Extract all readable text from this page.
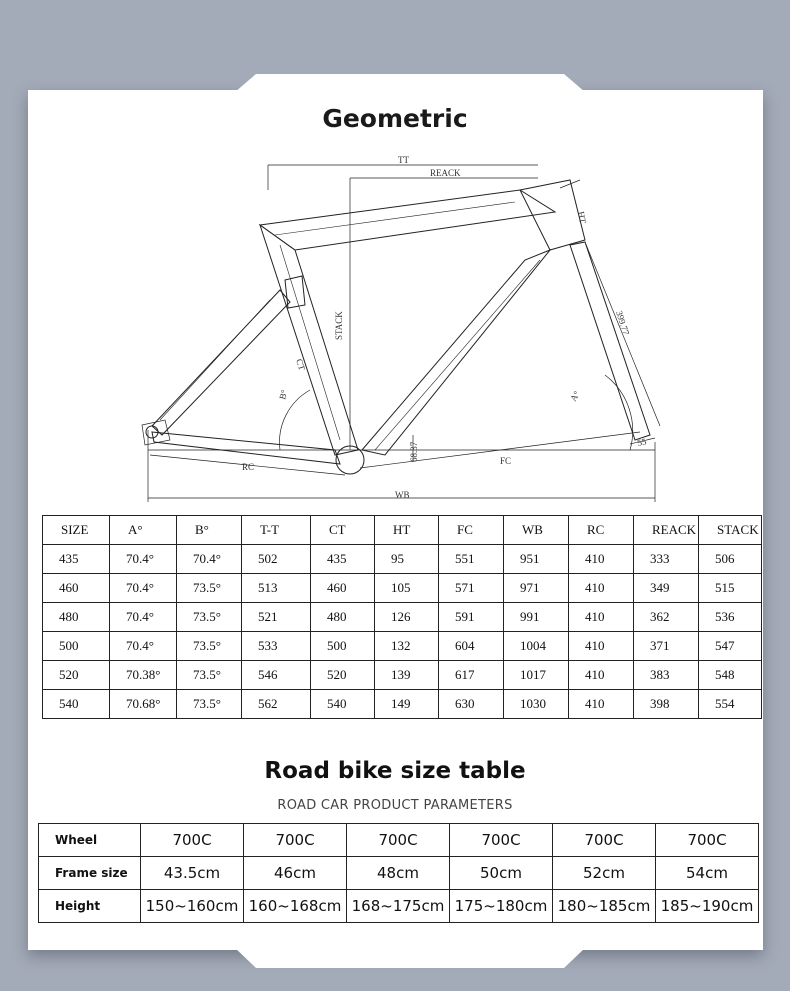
Geometric
TT
REACK
HT
STACK
CT
399.77
B°	A°
68.37	FC
RC
WB
55
SIZE	A°	B°	T-T	CT	HT	FC	WB	RC	REACK	STACK
435	70.4°	70.4°	502	435	95	551	951	410	333	506
460	70.4°	73.5°	513	460	105	571	971	410	349	515
480	70.4°	73.5°	521	480	126	591	991	410	362	536
500	70.4°	73.5°	533	500	132	604	1004	410	371	547
520	70.38°	73.5°	546	520	139	617	1017	410	383	548
540	70.68°	73.5°	562	540	149	630	1030	410	398	554
Road bike size table
ROAD CAR PRODUCT PARAMETERS
Wheel	700C	700C	700C	700C	700C	700C
Frame size	43.5cm	46cm	48cm	50cm	52cm	54cm
Height	150~160cm	160~168cm	168~175cm	175~180cm	180~185cm	185~190cm
